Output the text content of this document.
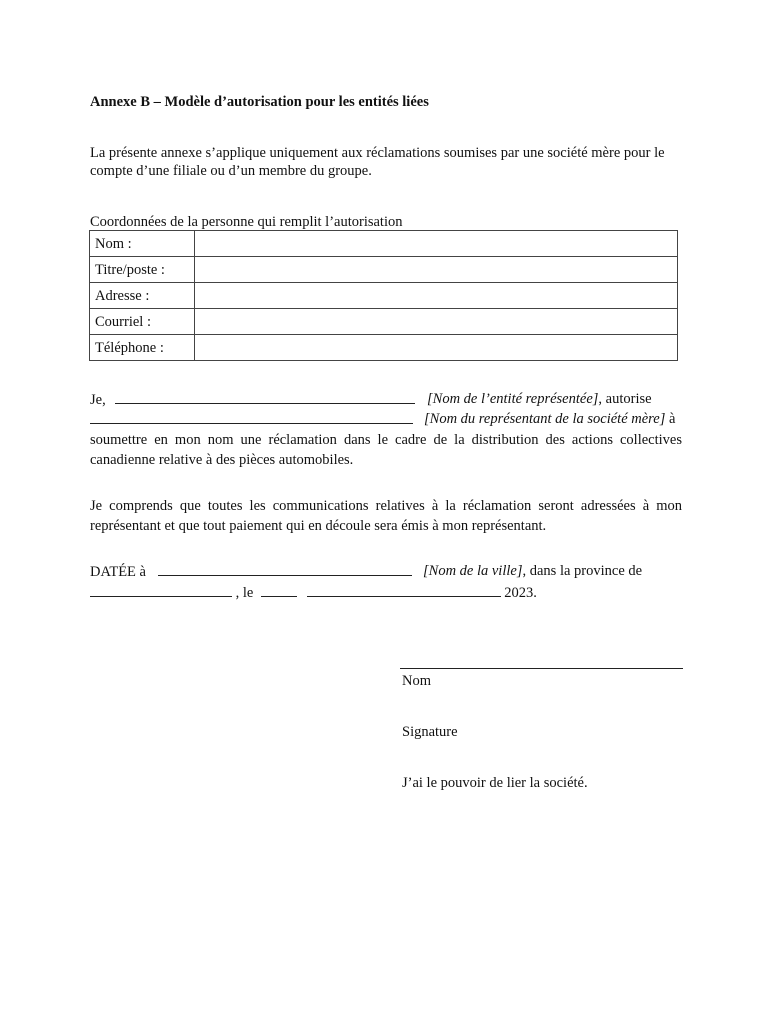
Annexe B – Modèle d’autorisation pour les entités liées
La présente annexe s’applique uniquement aux réclamations soumises par une société mère pour le compte d’une filiale ou d’un membre du groupe.
Coordonnées de la personne qui remplit l’autorisation
Nom :	
Titre/poste :	
Adresse :	
Courriel :	
Téléphone :	
Je,	[Nom de l’entité représentée], autorise
[Nom du représentant de la société mère] à
soumettre en mon nom une réclamation dans le cadre de la distribution des actions collectives canadienne relative à des pièces automobiles.
Je comprends que toutes les communications relatives à la réclamation seront adressées à mon représentant et que tout paiement qui en découle sera émis à mon représentant.
DATÉE à	[Nom de la ville], dans la province de
, le	2023.
Nom
Signature
J’ai le pouvoir de lier la société.
